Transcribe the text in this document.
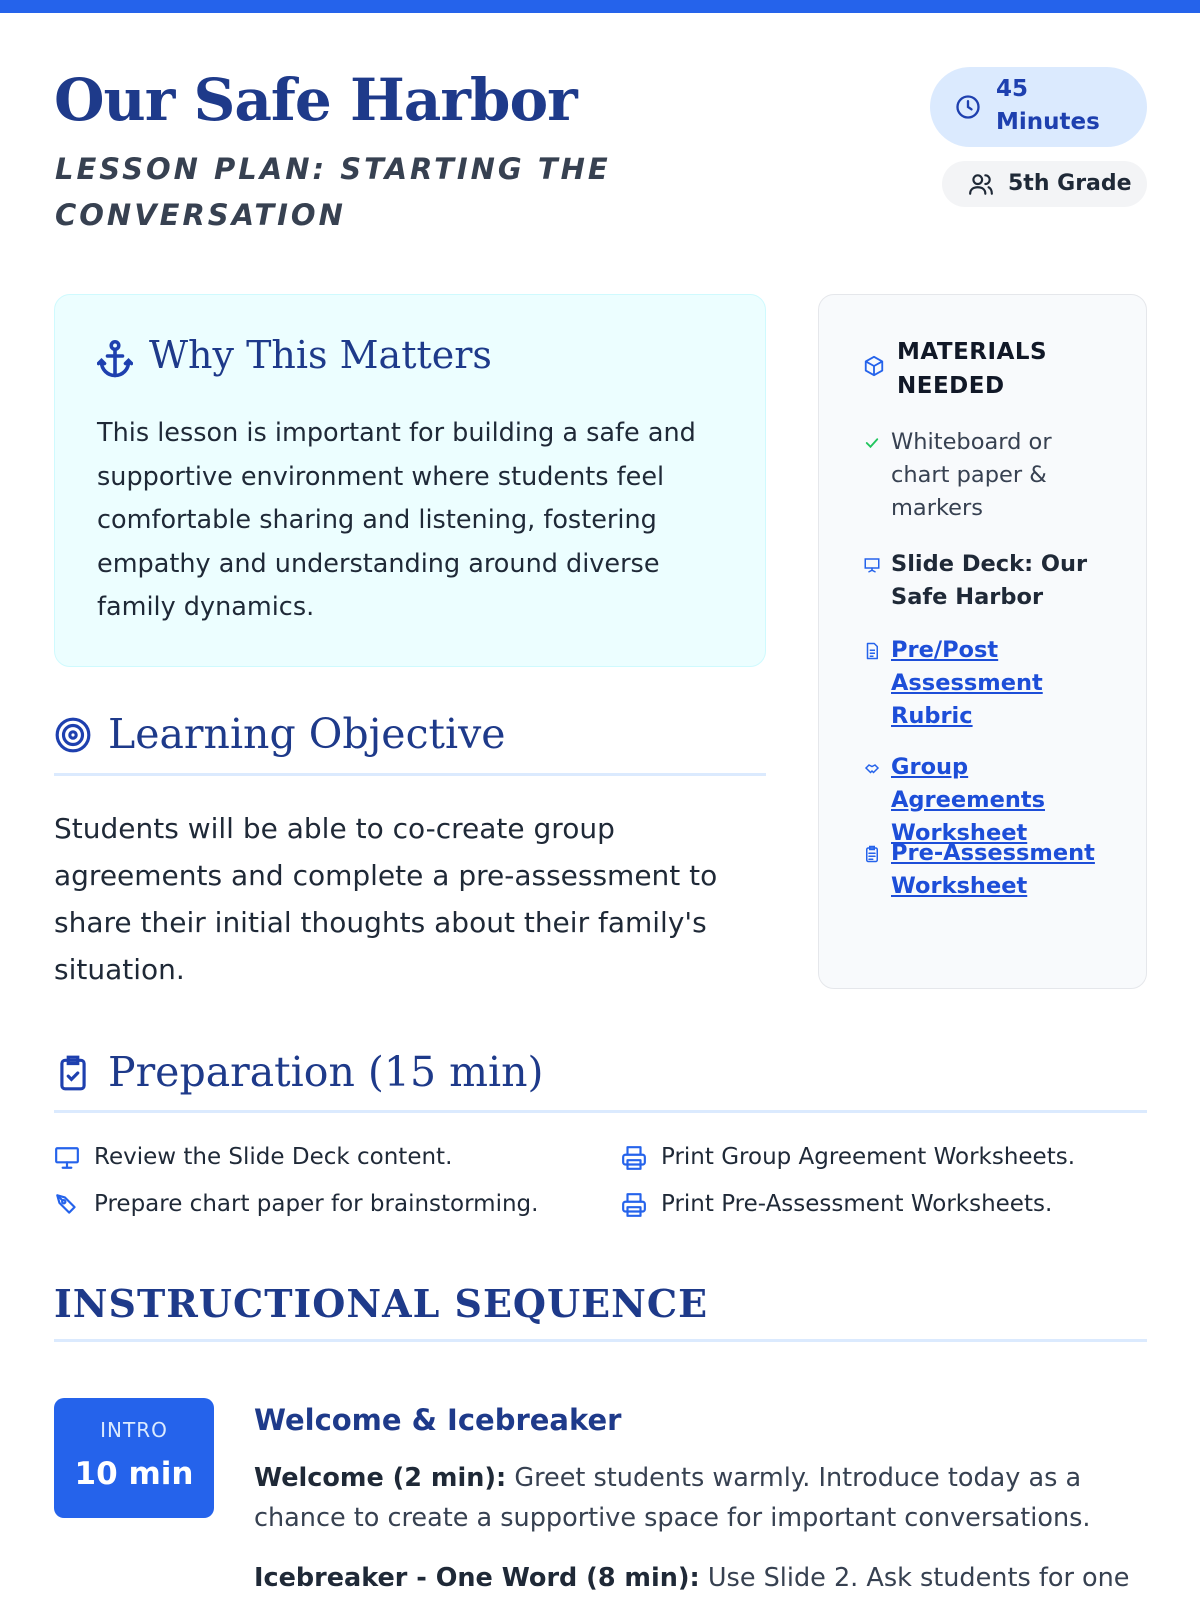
Our Safe Harbor
LESSON PLAN: STARTING THE CONVERSATION
45 Minutes
5th Grade
Why This Matters

This lesson is important for building a safe and supportive environment where students feel comfortable sharing and listening, fostering empathy and understanding around diverse family dynamics.

MATERIALS NEEDED
Whiteboard or chart paper & markers
Slide Deck: Our Safe Harbor
Pre/Post Assessment Rubric
Group Agreements Worksheet
Pre-Assessment Worksheet
Learning Objective

Students will be able to co-create group agreements and complete a pre-assessment to share their initial thoughts about their family's situation.

Preparation (15 min)
Review the Slide Deck content.	Print Group Agreement Worksheets.
Prepare chart paper for brainstorming.	Print Pre-Assessment Worksheets.
INSTRUCTIONAL SEQUENCE
INTRO
10 min
Welcome & Icebreaker

Welcome (2 min): Greet students warmly. Introduce today as a chance to create a supportive space for important conversations.

Icebreaker - One Word (8 min): Use Slide 2. Ask students for one
